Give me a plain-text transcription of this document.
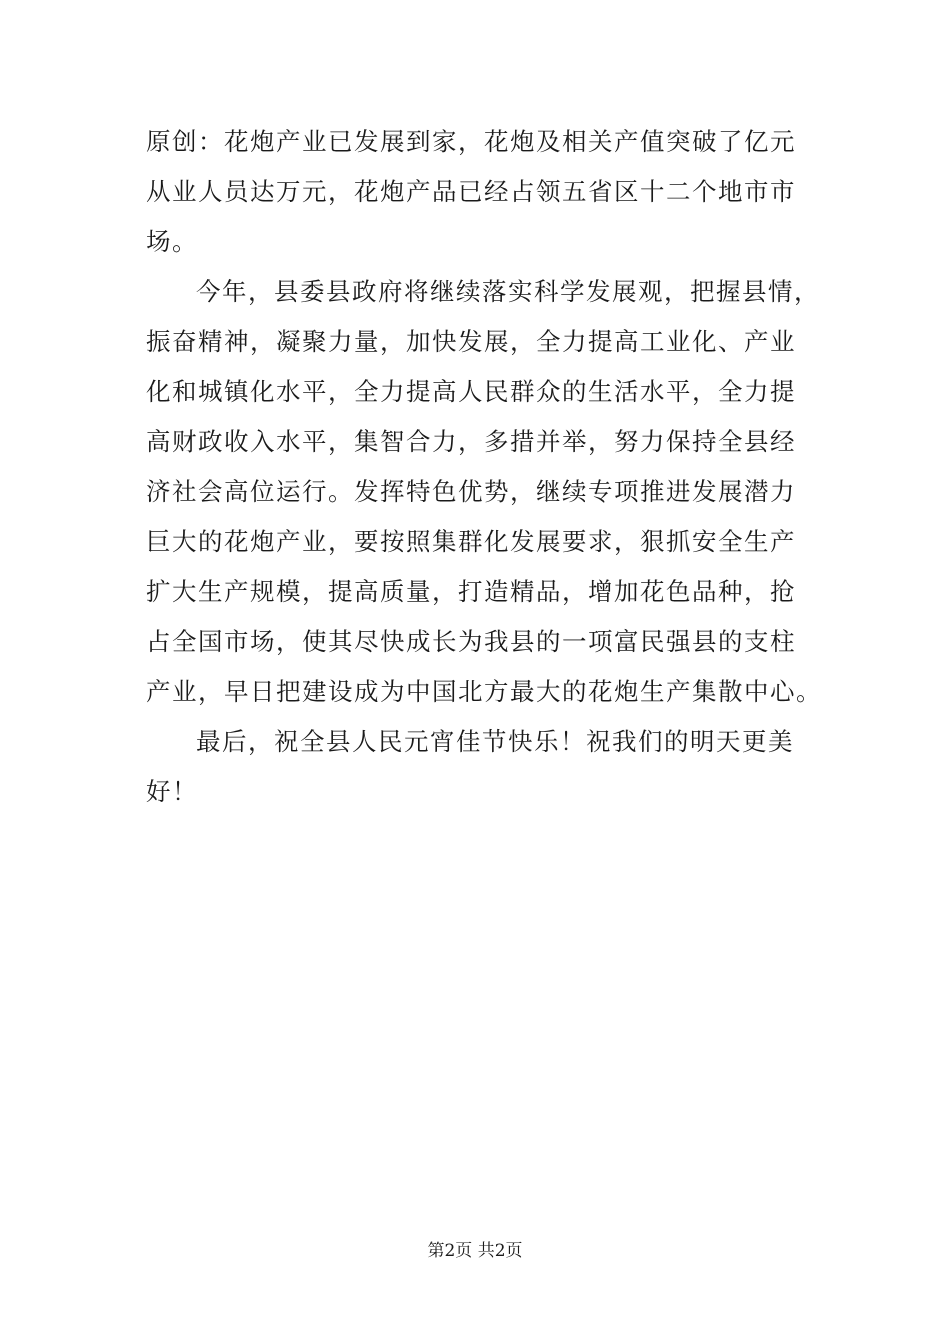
原创：花炮产业已发展到家，花炮及相关产值突破了亿元
从业人员达万元，花炮产品已经占领五省区十二个地市市
场。
今年，县委县政府将继续落实科学发展观，把握县情，
振奋精神，凝聚力量，加快发展，全力提高工业化、产业
化和城镇化水平，全力提高人民群众的生活水平，全力提
高财政收入水平，集智合力，多措并举，努力保持全县经
济社会高位运行。发挥特色优势，继续专项推进发展潜力
巨大的花炮产业，要按照集群化发展要求，狠抓安全生产
扩大生产规模，提高质量，打造精品，增加花色品种，抢
占全国市场，使其尽快成长为我县的一项富民强县的支柱
产业，早日把建设成为中国北方最大的花炮生产集散中心。
最后，祝全县人民元宵佳节快乐！祝我们的明天更美
好！
第2页 共2页
